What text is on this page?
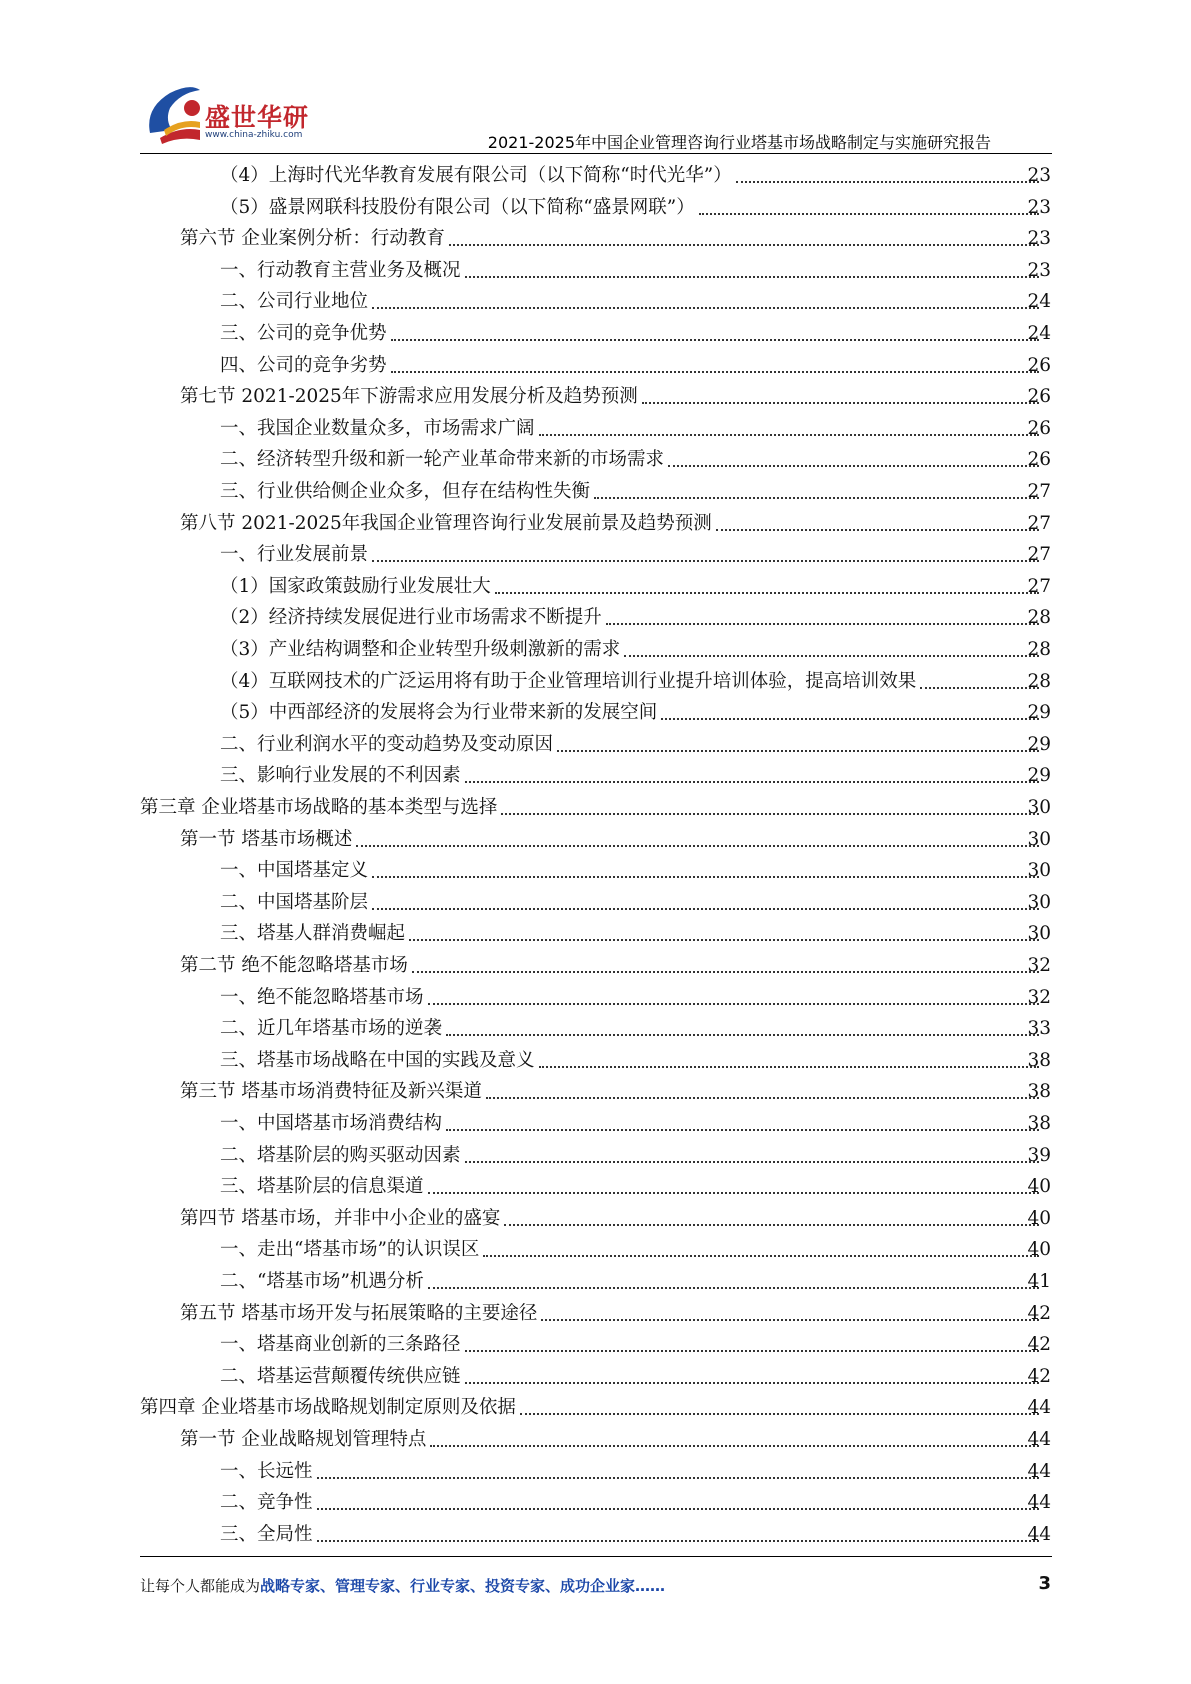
盛世华研
www.china-zhiku.com	2021-2025年中国企业管理咨询行业塔基市场战略制定与实施研究报告
（4）上海时代光华教育发展有限公司（以下简称“时代光华”）	23
（5）盛景网联科技股份有限公司（以下简称“盛景网联”）	23
第六节 企业案例分析：行动教育	23
一、行动教育主营业务及概况	23
二、公司行业地位	24
三、公司的竞争优势	24
四、公司的竞争劣势	26
第七节 2021-2025年下游需求应用发展分析及趋势预测	26
一、我国企业数量众多，市场需求广阔	26
二、经济转型升级和新一轮产业革命带来新的市场需求	26
三、行业供给侧企业众多，但存在结构性失衡	27
第八节 2021-2025年我国企业管理咨询行业发展前景及趋势预测	27
一、行业发展前景	27
（1）国家政策鼓励行业发展壮大	27
（2）经济持续发展促进行业市场需求不断提升	28
（3）产业结构调整和企业转型升级刺激新的需求	28
（4）互联网技术的广泛运用将有助于企业管理培训行业提升培训体验，提高培训效果	28
（5）中西部经济的发展将会为行业带来新的发展空间	29
二、行业利润水平的变动趋势及变动原因	29
三、影响行业发展的不利因素	29
第三章 企业塔基市场战略的基本类型与选择	30
第一节 塔基市场概述	30
一、中国塔基定义	30
二、中国塔基阶层	30
三、塔基人群消费崛起	30
第二节 绝不能忽略塔基市场	32
一、绝不能忽略塔基市场	32
二、近几年塔基市场的逆袭	33
三、塔基市场战略在中国的实践及意义	38
第三节 塔基市场消费特征及新兴渠道	38
一、中国塔基市场消费结构	38
二、塔基阶层的购买驱动因素	39
三、塔基阶层的信息渠道	40
第四节 塔基市场，并非中小企业的盛宴	40
一、走出“塔基市场”的认识误区	40
二、“塔基市场”机遇分析	41
第五节 塔基市场开发与拓展策略的主要途径	42
一、塔基商业创新的三条路径	42
二、塔基运营颠覆传统供应链	42
第四章 企业塔基市场战略规划制定原则及依据	44
第一节 企业战略规划管理特点	44
一、长远性	44
二、竞争性	44
三、全局性	44
让每个人都能成为战略专家、管理专家、行业专家、投资专家、成功企业家……	3
